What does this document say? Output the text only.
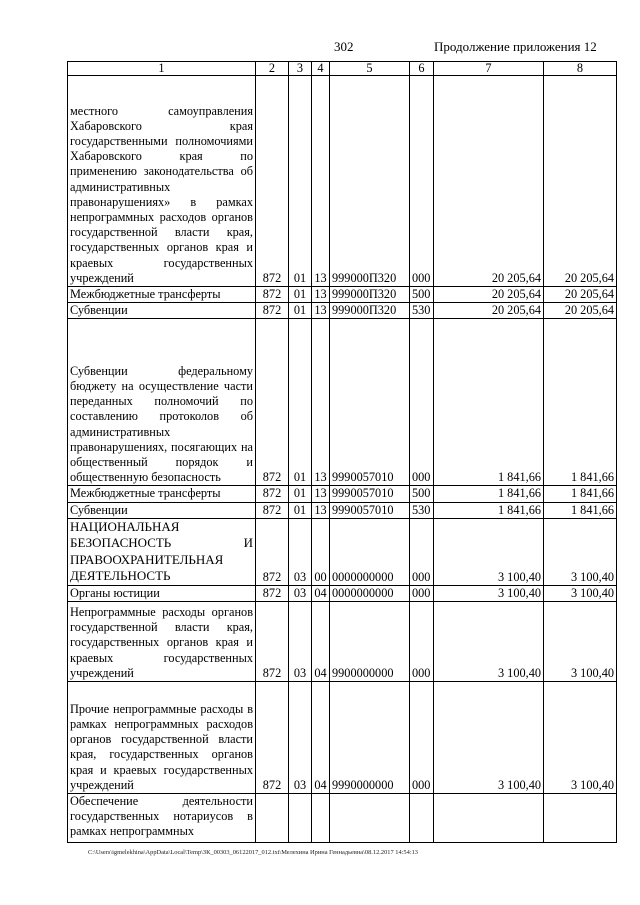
302	Продолжение приложения 12
1	2	3	4	5	6	7	8
местного самоуправления Хабаровского края государственными полномочиями Хабаровского края по применению законодательства об административных правонарушениях» в рамках непрограммных расходов органов государственной власти края, государственных органов края и краевых государственных учреждений	872	01	13	999000П320	000	20 205,64	20 205,64
Межбюджетные трансферты	872	01	13	999000П320	500	20 205,64	20 205,64
Субвенции	872	01	13	999000П320	530	20 205,64	20 205,64
Субвенции федеральному бюджету на осуществление части переданных полномочий по составлению протоколов об административных правонарушениях, посягающих на общественный порядок и общественную безопасность	872	01	13	9990057010	000	1 841,66	1 841,66
Межбюджетные трансферты	872	01	13	9990057010	500	1 841,66	1 841,66
Субвенции	872	01	13	9990057010	530	1 841,66	1 841,66
НАЦИОНАЛЬНАЯ БЕЗОПАСНОСТЬ И ПРАВООХРАНИТЕЛЬНАЯ ДЕЯТЕЛЬНОСТЬ	872	03	00	0000000000	000	3 100,40	3 100,40
Органы юстиции	872	03	04	0000000000	000	3 100,40	3 100,40
Непрограммные расходы органов государственной власти края, государственных органов края и краевых государственных учреждений	872	03	04	9900000000	000	3 100,40	3 100,40
Прочие непрограммные расходы в рамках непрограммных расходов органов государственной власти края, государственных органов края и краевых государственных учреждений	872	03	04	9990000000	000	3 100,40	3 100,40
Обеспечение деятельности государственных нотариусов в рамках непрограммных							
C:\Users\igmelekhina\AppData\Local\Temp\ЗК_00303_06122017_012.txt\Мелехина Ирина Геннадьевна\08.12.2017 14:54:13
